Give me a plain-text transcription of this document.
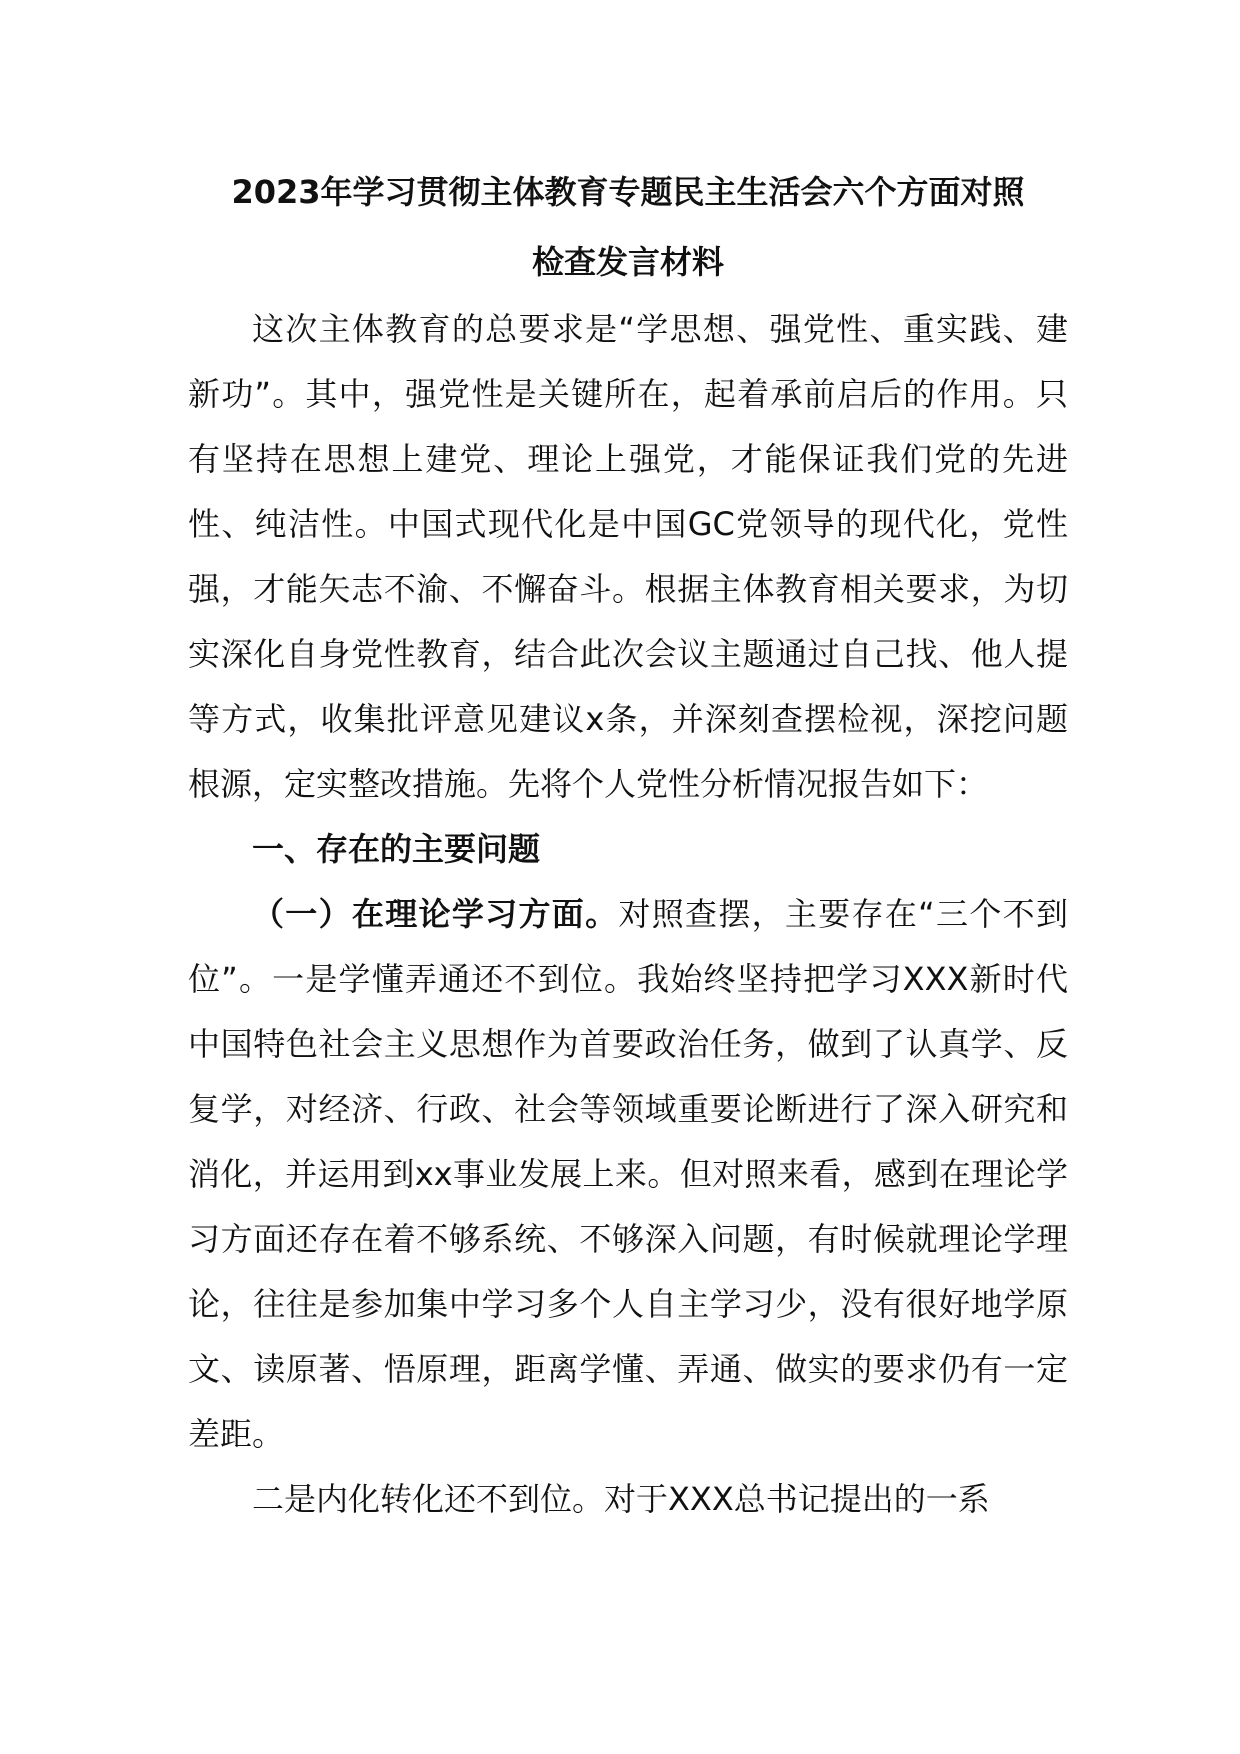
2023年学习贯彻主体教育专题民主生活会六个方面对照

检查发言材料

这次主体教育的总要求是“学思想、强党性、重实践、建新功”。其中，强党性是关键所在，起着承前启后的作用。只有坚持在思想上建党、理论上强党，才能保证我们党的先进性、纯洁性。中国式现代化是中国GC党领导的现代化，党性强，才能矢志不渝、不懈奋斗。根据主体教育相关要求，为切实深化自身党性教育，结合此次会议主题通过自己找、他人提等方式，收集批评意见建议x条，并深刻查摆检视，深挖问题根源，定实整改措施。先将个人党性分析情况报告如下：

一、存在的主要问题

（一）在理论学习方面。对照查摆，主要存在“三个不到位”。一是学懂弄通还不到位。我始终坚持把学习XXX新时代中国特色社会主义思想作为首要政治任务，做到了认真学、反复学，对经济、行政、社会等领域重要论断进行了深入研究和消化，并运用到xx事业发展上来。但对照来看，感到在理论学习方面还存在着不够系统、不够深入问题，有时候就理论学理论，往往是参加集中学习多个人自主学习少，没有很好地学原文、读原著、悟原理，距离学懂、弄通、做实的要求仍有一定差距。

二是内化转化还不到位。对于XXX总书记提出的一系
